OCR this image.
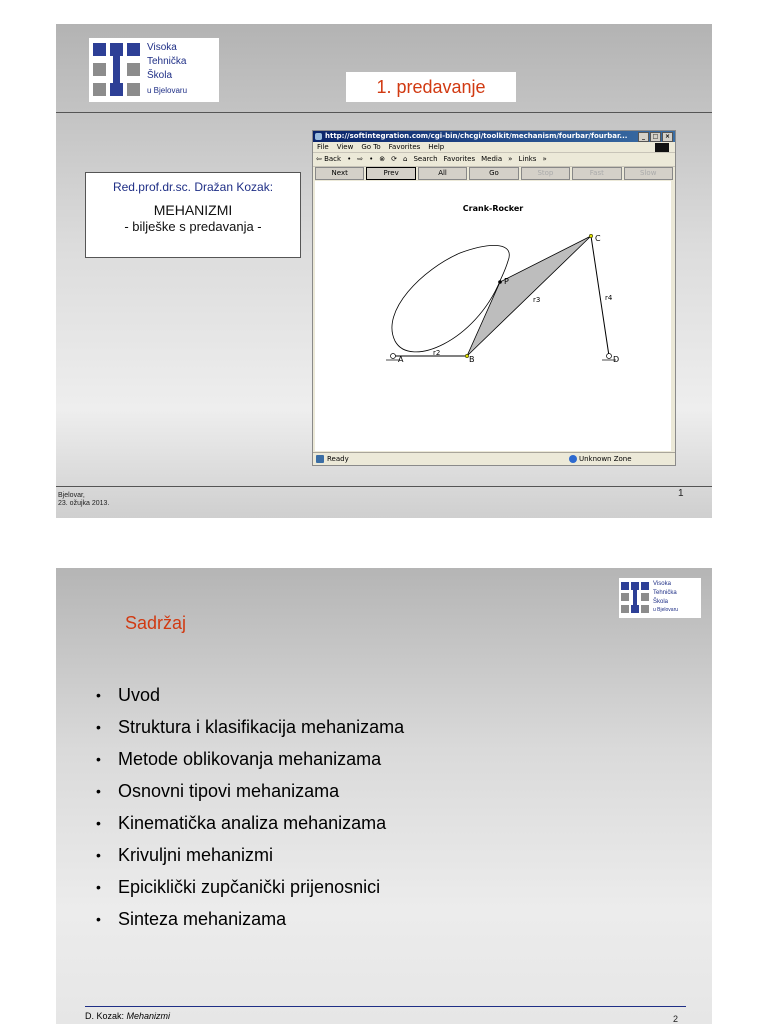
Visoka
Tehnička
Škola
u Bjelovaru	1. predavanje
Red.prof.dr.sc. Dražan Kozak:
MEHANIZMI
- bilješke s predavanja -
http://softintegration.com/cgi-bin/chcgi/toolkit/mechanism/fourbar/fourbar...	_	□	×
File View Go To Favorites Help
⇦ Back • ⇨ • ⊗ ⟳ ⌂ Search Favorites Media » Links »
Next	Prev	All	Go	Stop	Fast	Slow
Crank-Rocker
A	B
C
D
P
r2
r3	r4
Ready	Unknown Zone
Bjelovar,
23. ožujka 2013.
1
Visoka
Tehnička
Škola
u Bjelovaru
Sadržaj
• Uvod
• Struktura i klasifikacija mehanizama
• Metode oblikovanja mehanizama
• Osnovni tipovi mehanizama
• Kinematička analiza mehanizama
• Krivuljni mehanizmi
• Epiciklički zupčanički prijenosnici
• Sinteza mehanizama
D. Kozak: Mehanizmi	2
